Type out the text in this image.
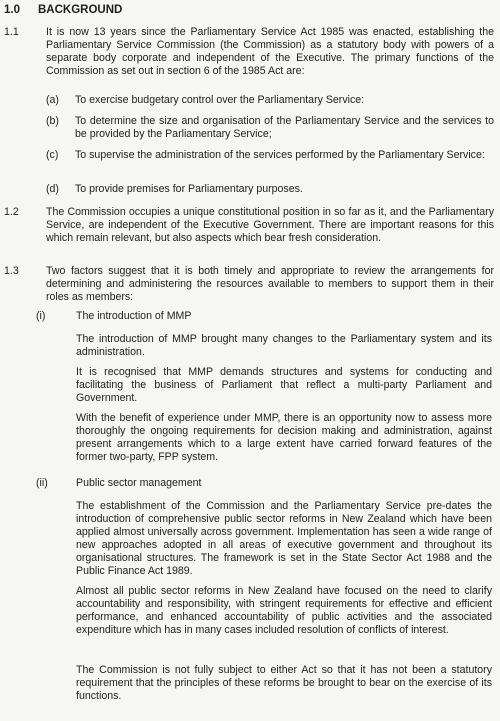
1.0 BACKGROUND
1.1	It is now 13 years since the Parliamentary Service Act 1985 was enacted, establishing the Parliamentary Service Commission (the Commission) as a statutory body with powers of a separate body corporate and independent of the Executive. The primary functions of the Commission as set out in section 6 of the 1985 Act are:
(a) To exercise budgetary control over the Parliamentary Service:
(b) To determine the size and organisation of the Parliamentary Service and the services to be provided by the Parliamentary Service;
(c) To supervise the administration of the services performed by the Parliamentary Service:
(d) To provide premises for Parliamentary purposes.
1.2	The Commission occupies a unique constitutional position in so far as it, and the Parliamentary Service, are independent of the Executive Government. There are important reasons for this which remain relevant, but also aspects which bear fresh consideration.
1.3	Two factors suggest that it is both timely and appropriate to review the arrangements for determining and administering the resources available to members to support them in their roles as members:
(i)	The introduction of MMP
The introduction of MMP brought many changes to the Parliamentary system and its administration.
It is recognised that MMP demands structures and systems for conducting and facilitating the business of Parliament that reflect a multi-party Parliament and Government.
With the benefit of experience under MMP, there is an opportunity now to assess more thoroughly the ongoing requirements for decision making and administration, against present arrangements which to a large extent have carried forward features of the former two-party, FPP system.
(ii)	Public sector management
The establishment of the Commission and the Parliamentary Service pre-dates the introduction of comprehensive public sector reforms in New Zealand which have been applied almost universally across government. Implementation has seen a wide range of new approaches adopted in all areas of executive government and throughout its organisational structures. The framework is set in the State Sector Act 1988 and the Public Finance Act 1989.
Almost all public sector reforms in New Zealand have focused on the need to clarify accountability and responsibility, with stringent requirements for effective and efficient performance, and enhanced accountability of public activities and the associated expenditure which has in many cases included resolution of conflicts of interest.
The Commission is not fully subject to either Act so that it has not been a statutory requirement that the principles of these reforms be brought to bear on the exercise of its functions.
